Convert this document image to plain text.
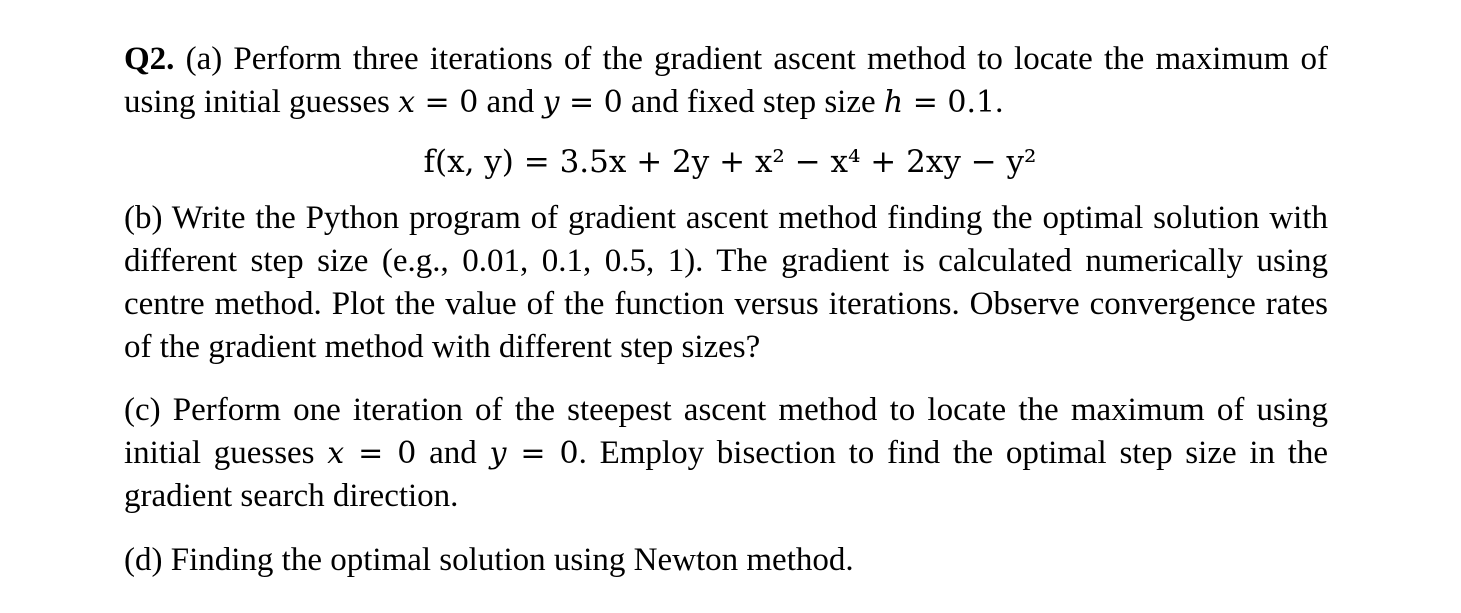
Q2. (a) Perform three iterations of the gradient ascent method to locate the maximum of using initial guesses x = 0 and y = 0 and fixed step size h = 0.1.

f(x, y) = 3.5x + 2y + x² − x⁴ + 2xy − y²

(b) Write the Python program of gradient ascent method finding the optimal solution with different step size (e.g., 0.01, 0.1, 0.5, 1). The gradient is calculated numerically using centre method. Plot the value of the function versus iterations. Observe convergence rates of the gradient method with different step sizes?

(c) Perform one iteration of the steepest ascent method to locate the maximum of using initial guesses x = 0 and y = 0. Employ bisection to find the optimal step size in the gradient search direction.

(d) Finding the optimal solution using Newton method.
